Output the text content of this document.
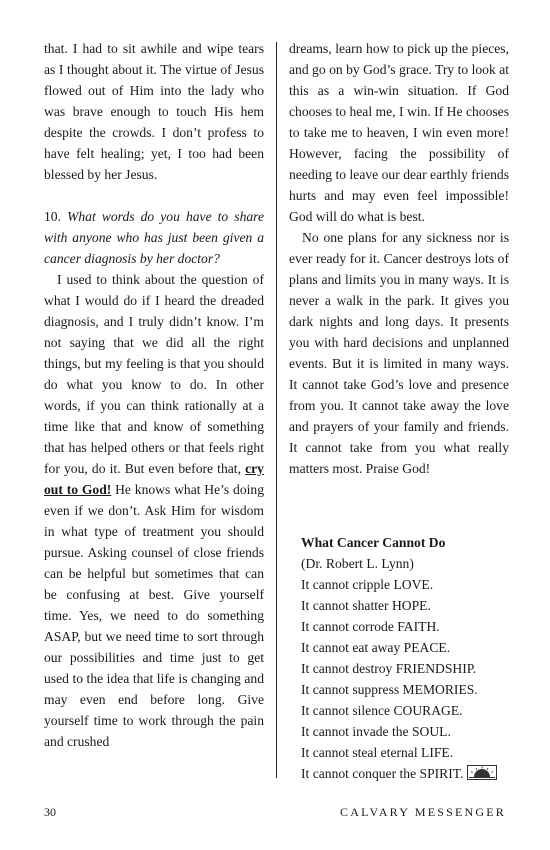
that. I had to sit awhile and wipe tears as I thought about it. The virtue of Jesus flowed out of Him into the lady who was brave enough to touch His hem despite the crowds. I don’t profess to have felt healing; yet, I too had been blessed by her Jesus.

10. What words do you have to share with anyone who has just been given a cancer diagnosis by her doctor?

I used to think about the question of what I would do if I heard the dreaded diagnosis, and I truly didn’t know. I’m not saying that we did all the right things, but my feeling is that you should do what you know to do. In other words, if you can think rationally at a time like that and know of something that has helped others or that feels right for you, do it. But even before that, cry out to God! He knows what He’s doing even if we don’t. Ask Him for wisdom in what type of treatment you should pursue. Asking counsel of close friends can be helpful but sometimes that can be confusing at best. Give yourself time. Yes, we need to do something ASAP, but we need time to sort through our possibilities and time just to get used to the idea that life is changing and may even end before long. Give yourself time to work through the pain and crushed

dreams, learn how to pick up the pieces, and go on by God’s grace. Try to look at this as a win-win situation. If God chooses to heal me, I win. If He chooses to take me to heaven, I win even more! However, facing the possibility of needing to leave our dear earthly friends hurts and may even feel impossible! God will do what is best.

No one plans for any sickness nor is ever ready for it. Cancer destroys lots of plans and limits you in many ways. It is never a walk in the park. It gives you dark nights and long days. It presents you with hard decisions and unplanned events. But it is limited in many ways. It cannot take God’s love and presence from you. It cannot take away the love and prayers of your family and friends. It cannot take from you what really matters most. Praise God!

What Cancer Cannot Do
(Dr. Robert L. Lynn)
It cannot cripple LOVE.
It cannot shatter HOPE.
It cannot corrode FAITH.
It cannot eat away PEACE.
It cannot destroy FRIENDSHIP.
It cannot suppress MEMORIES.
It cannot silence COURAGE.
It cannot invade the SOUL.
It cannot steal eternal LIFE.
It cannot conquer the SPIRIT.
30	CALVARY MESSENGER
